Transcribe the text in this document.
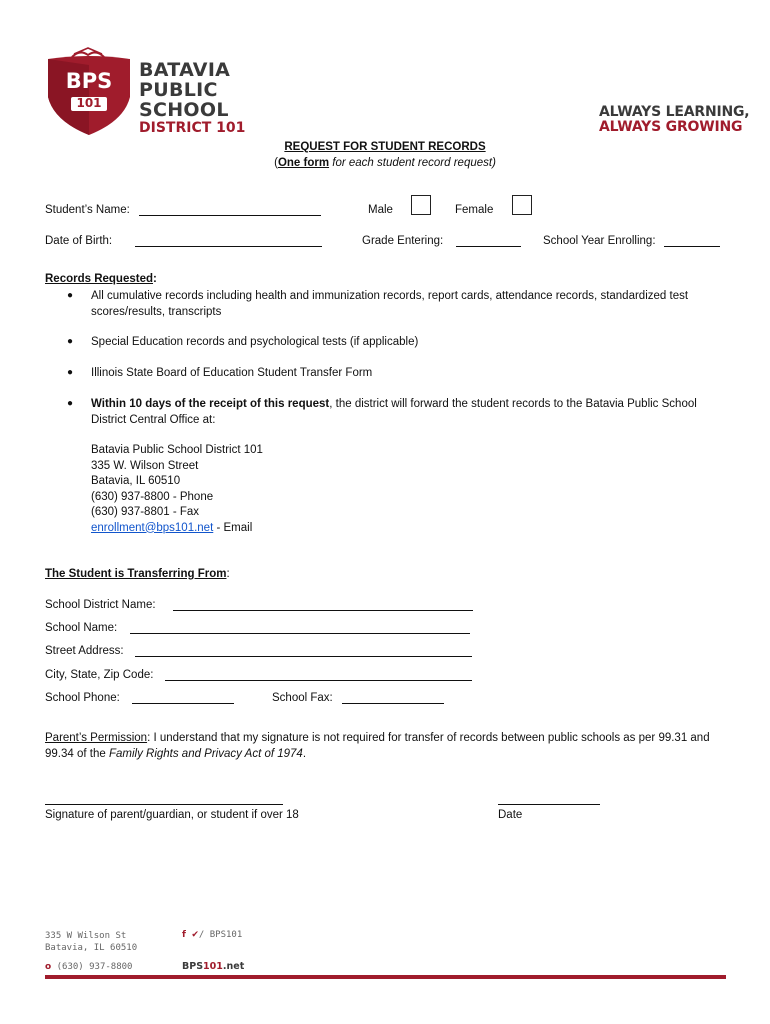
BPS
101
BATAVIA
PUBLIC
SCHOOL
DISTRICT 101
ALWAYS LEARNING,
ALWAYS GROWING
REQUEST FOR STUDENT RECORDS
(One form for each student record request)
Student’s Name:	Male	Female
Date of Birth:	Grade Entering:	School Year Enrolling:
Records Requested:
● All cumulative records including health and immunization records, report cards, attendance records, standardized test scores/results, transcripts
● Special Education records and psychological tests (if applicable)
● Illinois State Board of Education Student Transfer Form
● Within 10 days of the receipt of this request, the district will forward the student records to the Batavia Public School District Central Office at:
Batavia Public School District 101
335 W. Wilson Street
Batavia, IL 60510
(630) 937-8800 - Phone
(630) 937-8801 - Fax
enrollment@bps101.net - Email
The Student is Transferring From:
School District Name:
School Name:
Street Address:
City, State, Zip Code:
School Phone:	School Fax:
Parent’s Permission: I understand that my signature is not required for transfer of records between public schools as per 99.31 and 99.34 of the Family Rights and Privacy Act of 1974.
Signature of parent/guardian, or student if over 18	Date
335 W Wilson St
Batavia, IL 60510
f ✔/ BPS101
o (630) 937-8800	BPS101.net
